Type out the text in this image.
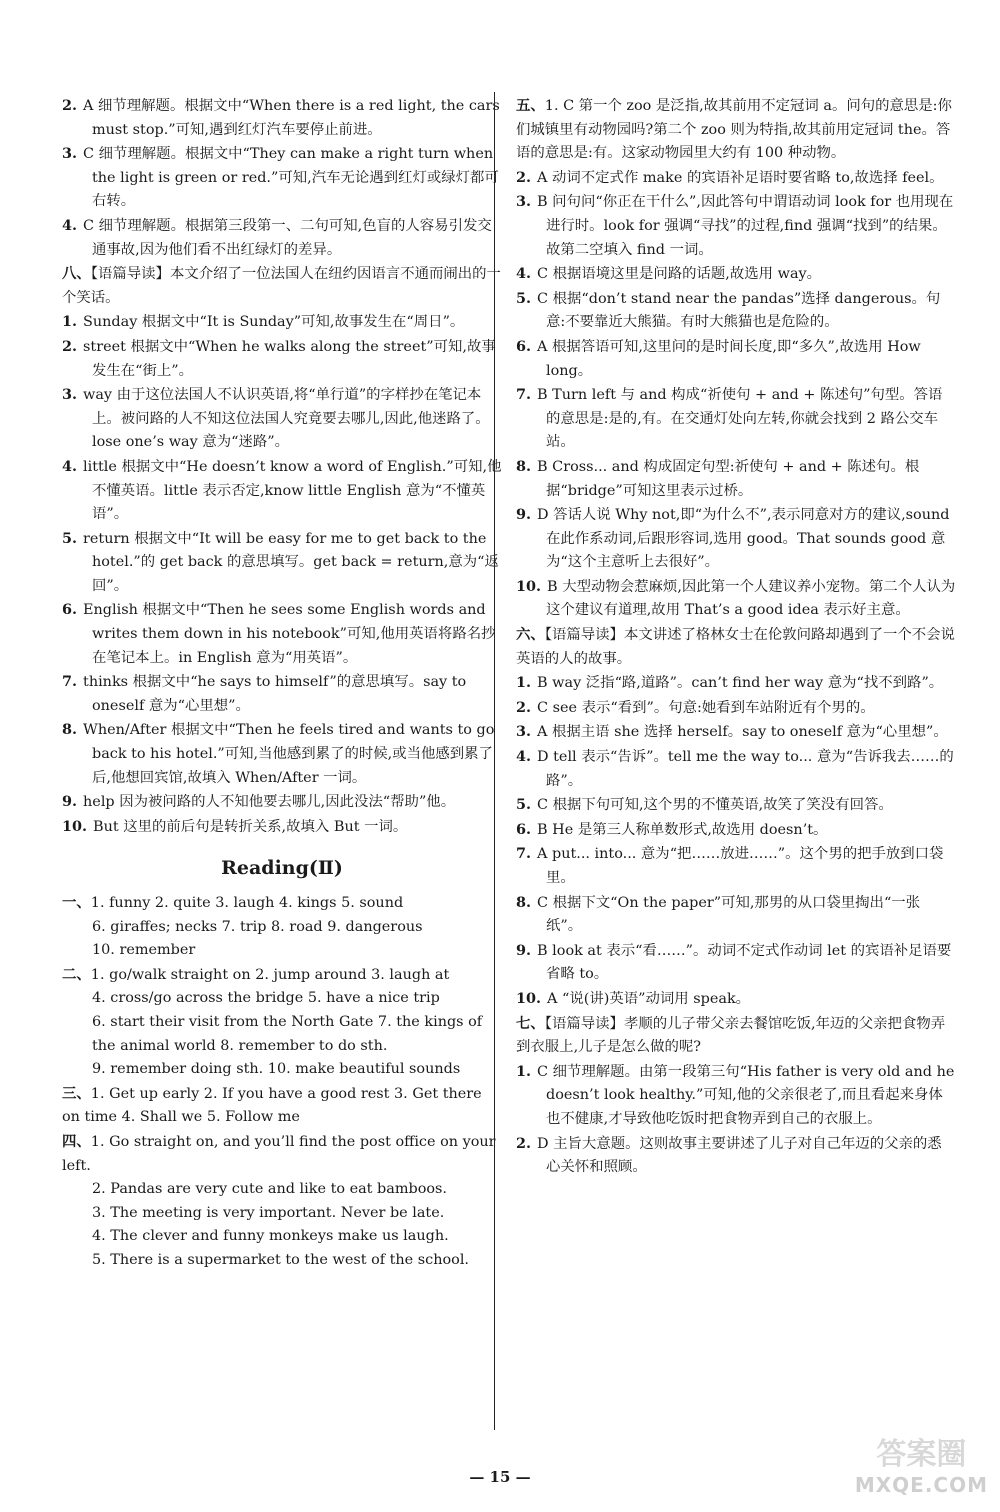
2. A 细节理解题。根据文中“When there is a red light, the cars must stop.”可知,遇到红灯汽车要停止前进。
3. C 细节理解题。根据文中“They can make a right turn when the light is green or red.”可知,汽车无论遇到红灯或绿灯都可右转。
4. C 细节理解题。根据第三段第一、二句可知,色盲的人容易引发交通事故,因为他们看不出红绿灯的差异。
八、【语篇导读】本文介绍了一位法国人在纽约因语言不通而闹出的一个笑话。
1. Sunday 根据文中“It is Sunday”可知,故事发生在“周日”。
2. street 根据文中“When he walks along the street”可知,故事发生在“街上”。
3. way 由于这位法国人不认识英语,将“单行道”的字样抄在笔记本上。被问路的人不知这位法国人究竟要去哪儿,因此,他迷路了。lose one’s way 意为“迷路”。
4. little 根据文中“He doesn’t know a word of English.”可知,他不懂英语。little 表示否定,know little English 意为“不懂英语”。
5. return 根据文中“It will be easy for me to get back to the hotel.”的 get back 的意思填写。get back = return,意为“返回”。
6. English 根据文中“Then he sees some English words and writes them down in his notebook”可知,他用英语将路名抄在笔记本上。in English 意为“用英语”。
7. thinks 根据文中“he says to himself”的意思填写。say to oneself 意为“心里想”。
8. When/After 根据文中“Then he feels tired and wants to go back to his hotel.”可知,当他感到累了的时候,或当他感到累了后,他想回宾馆,故填入 When/After 一词。
9. help 因为被问路的人不知他要去哪儿,因此没法“帮助”他。
10. But 这里的前后句是转折关系,故填入 But 一词。
Reading(Ⅱ)
一、1. funny 2. quite 3. laugh 4. kings 5. sound
6. giraffes; necks 7. trip 8. road 9. dangerous
10. remember
二、1. go/walk straight on 2. jump around 3. laugh at
4. cross/go across the bridge 5. have a nice trip
6. start their visit from the North Gate 7. the kings of the animal world 8. remember to do sth.
9. remember doing sth. 10. make beautiful sounds
三、1. Get up early 2. If you have a good rest 3. Get there on time 4. Shall we 5. Follow me
四、1. Go straight on, and you’ll find the post office on your left.
2. Pandas are very cute and like to eat bamboos.
3. The meeting is very important. Never be late.
4. The clever and funny monkeys make us laugh.
5. There is a supermarket to the west of the school.
五、1. C 第一个 zoo 是泛指,故其前用不定冠词 a。问句的意思是:你们城镇里有动物园吗?第二个 zoo 则为特指,故其前用定冠词 the。答语的意思是:有。这家动物园里大约有 100 种动物。
2. A 动词不定式作 make 的宾语补足语时要省略 to,故选择 feel。
3. B 问句问“你正在干什么”,因此答句中谓语动词 look for 也用现在进行时。look for 强调“寻找”的过程,find 强调“找到”的结果。故第二空填入 find 一词。
4. C 根据语境这里是问路的话题,故选用 way。
5. C 根据“don’t stand near the pandas”选择 dangerous。句意:不要靠近大熊猫。有时大熊猫也是危险的。
6. A 根据答语可知,这里问的是时间长度,即“多久”,故选用 How long。
7. B Turn left 与 and 构成“祈使句 + and + 陈述句”句型。答语的意思是:是的,有。在交通灯处向左转,你就会找到 2 路公交车站。
8. B Cross... and 构成固定句型:祈使句 + and + 陈述句。根据“bridge”可知这里表示过桥。
9. D 答话人说 Why not,即“为什么不”,表示同意对方的建议,sound 在此作系动词,后跟形容词,选用 good。That sounds good 意为“这个主意听上去很好”。
10. B 大型动物会惹麻烦,因此第一个人建议养小宠物。第二个人认为这个建议有道理,故用 That’s a good idea 表示好主意。
六、【语篇导读】本文讲述了格林女士在伦敦问路却遇到了一个不会说英语的人的故事。
1. B way 泛指“路,道路”。can’t find her way 意为“找不到路”。
2. C see 表示“看到”。句意:她看到车站附近有个男的。
3. A 根据主语 she 选择 herself。say to oneself 意为“心里想”。
4. D tell 表示“告诉”。tell me the way to... 意为“告诉我去……的路”。
5. C 根据下句可知,这个男的不懂英语,故笑了笑没有回答。
6. B He 是第三人称单数形式,故选用 doesn’t。
7. A put... into... 意为“把……放进……”。这个男的把手放到口袋里。
8. C 根据下文“On the paper”可知,那男的从口袋里掏出“一张纸”。
9. B look at 表示“看……”。动词不定式作动词 let 的宾语补足语要省略 to。
10. A “说(讲)英语”动词用 speak。
七、【语篇导读】孝顺的儿子带父亲去餐馆吃饭,年迈的父亲把食物弄到衣服上,儿子是怎么做的呢?
1. C 细节理解题。由第一段第三句“His father is very old and he doesn’t look healthy.”可知,他的父亲很老了,而且看起来身体也不健康,才导致他吃饭时把食物弄到自己的衣服上。
2. D 主旨大意题。这则故事主要讲述了儿子对自己年迈的父亲的悉心关怀和照顾。
— 15 —
答案圈
MXQE.COM
